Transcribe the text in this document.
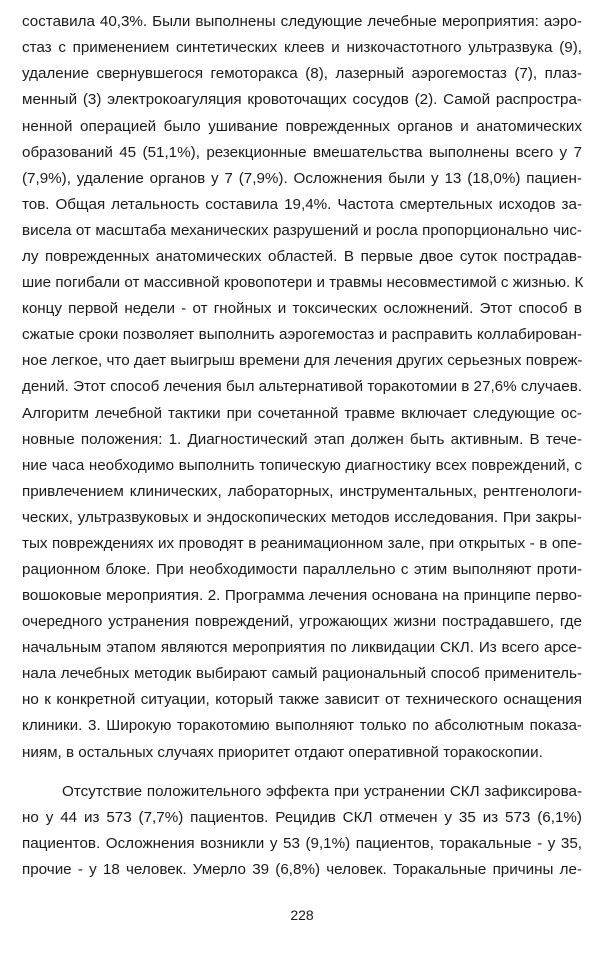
составила 40,3%. Были выполнены следующие лечебные мероприятия: аэро-
стаз с применением синтетических клеев и низкочастотного ультразвука (9),
удаление свернувшегося гемоторакса (8), лазерный аэрогемостаз (7), плаз-
менный (3) электрокоагуляция кровоточащих сосудов (2). Самой распростра-
ненной операцией было ушивание поврежденных органов и анатомических
образований 45 (51,1%), резекционные вмешательства выполнены всего у 7
(7,9%), удаление органов у 7 (7,9%). Осложнения были у 13 (18,0%) пациен-
тов. Общая летальность составила 19,4%. Частота смертельных исходов за-
висела от масштаба механических разрушений и росла пропорционально чис-
лу поврежденных анатомических областей. В первые двое суток пострадав-
шие погибали от массивной кровопотери и травмы несовместимой с жизнью. К
концу первой недели - от гнойных и токсических осложнений. Этот способ в
сжатые сроки позволяет выполнить аэрогемостаз и расправить коллабирован-
ное легкое, что дает выигрыш времени для лечения других серьезных повреж-
дений. Этот способ лечения был альтернативой торакотомии в 27,6% случаев.
Алгоритм лечебной тактики при сочетанной травме включает следующие ос-
новные положения: 1. Диагностический этап должен быть активным. В тече-
ние часа необходимо выполнить топическую диагностику всех повреждений, с
привлечением клинических, лабораторных, инструментальных, рентгенологи-
ческих, ультразвуковых и эндоскопических методов исследования. При закры-
тых повреждениях их проводят в реанимационном зале, при открытых - в опе-
рационном блоке. При необходимости параллельно с этим выполняют проти-
вошоковые мероприятия. 2. Программа лечения основана на принципе перво-
очередного устранения повреждений, угрожающих жизни пострадавшего, где
начальным этапом являются мероприятия по ликвидации СКЛ. Из всего арсе-
нала лечебных методик выбирают самый рациональный способ применитель-
но к конкретной ситуации, который также зависит от технического оснащения
клиники. 3. Широкую торакотомию выполняют только по абсолютным показа-
ниям, в остальных случаях приоритет отдают оперативной торакоскопии.
Отсутствие положительного эффекта при устранении СКЛ зафиксирова-
но у 44 из 573 (7,7%) пациентов. Рецидив СКЛ отмечен у 35 из 573 (6,1%)
пациентов. Осложнения возникли у 53 (9,1%) пациентов, торакальные - у 35,
прочие - у 18 человек. Умерло 39 (6,8%) человек. Торакальные причины ле-
228
